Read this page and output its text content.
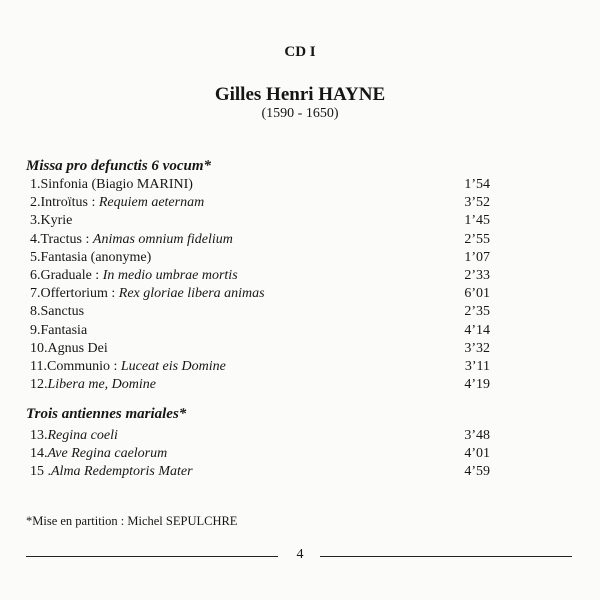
CD I
Gilles Henri HAYNE
(1590 - 1650)
Missa pro defunctis 6 vocum*
1.Sinfonia (Biagio MARINI)	1’54
2.Introïtus : Requiem aeternam	3’52
3.Kyrie	1’45
4.Tractus : Animas omnium fidelium	2’55
5.Fantasia (anonyme)	1’07
6.Graduale : In medio umbrae mortis	2’33
7.Offertorium : Rex gloriae libera animas	6’01
8.Sanctus	2’35
9.Fantasia	4’14
10.Agnus Dei	3’32
11.Communio : Luceat eis Domine	3’11
12.Libera me, Domine	4’19
Trois antiennes mariales*
13.Regina coeli	3’48
14.Ave Regina caelorum	4’01
15 .Alma Redemptoris Mater	4’59
*Mise en partition : Michel SEPULCHRE
4
